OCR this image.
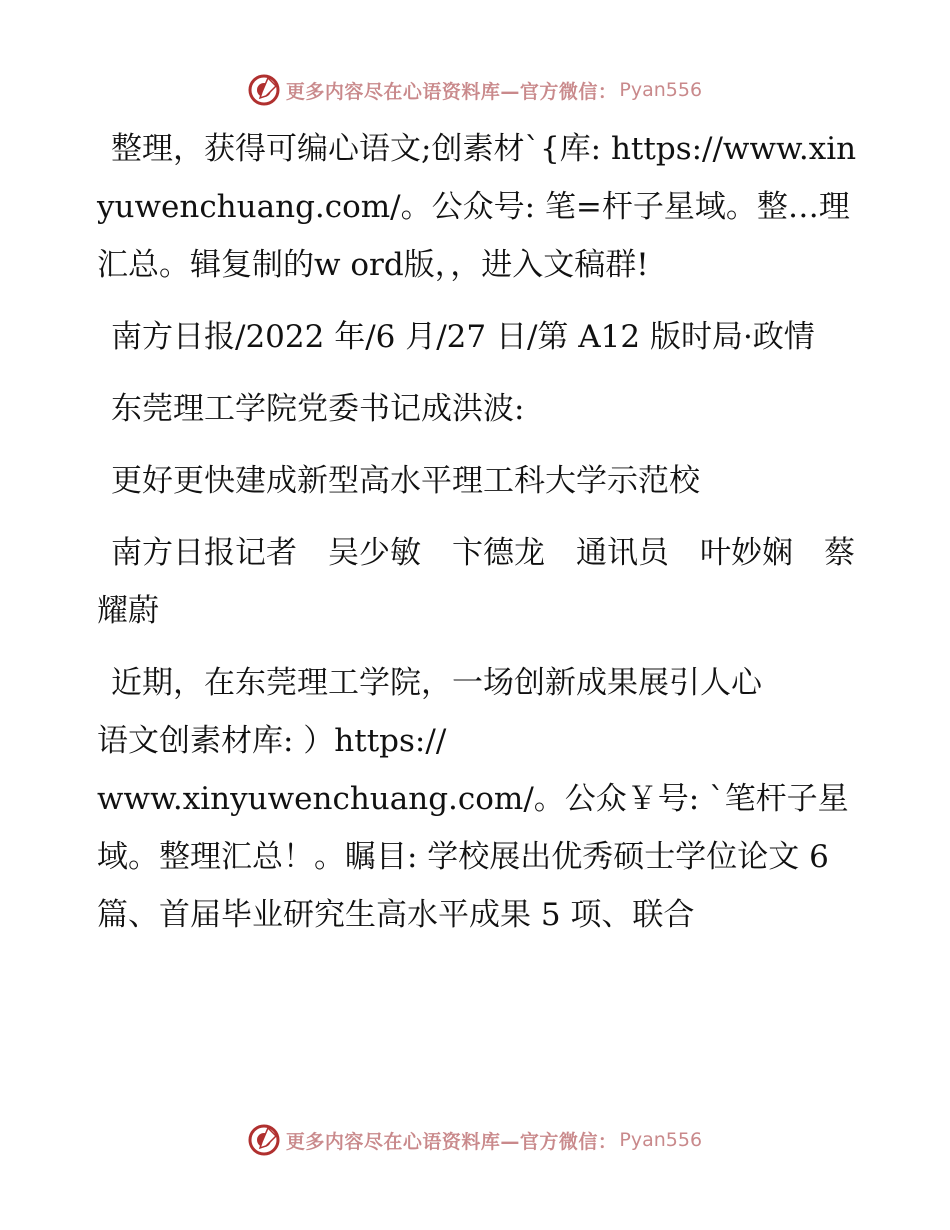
更多内容尽在心语资料库—官方微信： Pyan556

整理，获得可编心语文;创素材`{库: https://www.xinyuwenchuang.com/。公众号: 笔=杆子星域。整…理汇总。辑复制的w ord版，，进入文稿群!

南方日报/2022 年/6 月/27 日/第 A12 版时局·政情

东莞理工学院党委书记成洪波:

更好更快建成新型高水平理工科大学示范校

南方日报记者　吴少敏　卞德龙　通讯员　叶妙娴　蔡耀蔚

近期，在东莞理工学院，一场创新成果展引人心

语文创素材库: ）https://

www.xinyuwenchuang.com/。公众￥号: `笔杆子星域。整理汇总！。瞩目: 学校展出优秀硕士学位论文 6 篇、首届毕业研究生高水平成果 5 项、联合

更多内容尽在心语资料库—官方微信： Pyan556
